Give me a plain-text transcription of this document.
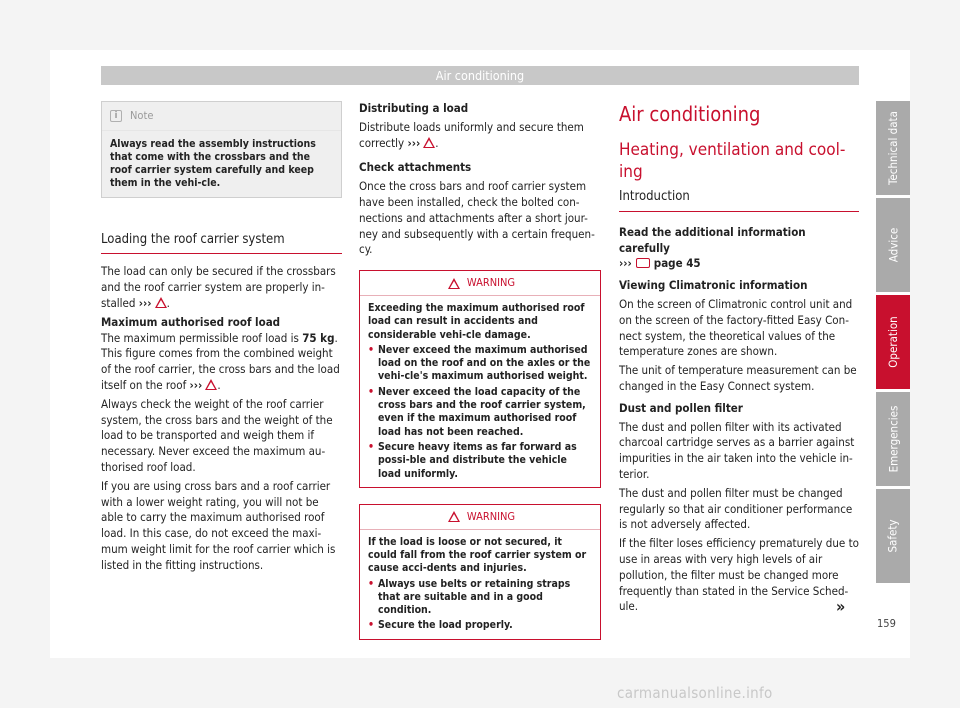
Air conditioning
i	Note
Always read the assembly instructions that come with the crossbars and the roof carrier system carefully and keep them in the vehi-cle.
Loading the roof carrier system

The load can only be secured if the crossbars and the roof carrier system are properly in-stalled ››› .

Maximum authorised roof load

The maximum permissible roof load is 75 kg. This figure comes from the combined weight of the roof carrier, the cross bars and the load itself on the roof ››› .

Always check the weight of the roof carrier system, the cross bars and the weight of the load to be transported and weigh them if necessary. Never exceed the maximum au-thorised roof load.

If you are using cross bars and a roof carrier with a lower weight rating, you will not be able to carry the maximum authorised roof load. In this case, do not exceed the maxi-mum weight limit for the roof carrier which is listed in the fitting instructions.

Distributing a load

Distribute loads uniformly and secure them correctly ››› .

Check attachments

Once the cross bars and roof carrier system have been installed, check the bolted con-nections and attachments after a short jour-ney and subsequently with a certain frequen-cy.

WARNING
Exceeding the maximum authorised roof load can result in accidents and considerable vehi-cle damage.
• Never exceed the maximum authorised load on the roof and on the axles or the vehi-cle's maximum authorised weight.
• Never exceed the load capacity of the cross bars and the roof carrier system, even if the maximum authorised roof load has not been reached.
• Secure heavy items as far forward as possi-ble and distribute the vehicle load uniformly.
WARNING
If the load is loose or not secured, it could fall from the roof carrier system or cause acci-dents and injuries.
• Always use belts or retaining straps that are suitable and in a good condition.
• Secure the load properly.
Air conditioning
Heating, ventilation and cool-ing
Introduction

Read the additional information carefully
››› page 45

Viewing Climatronic information

On the screen of Climatronic control unit and on the screen of the factory-fitted Easy Con-nect system, the theoretical values of the temperature zones are shown.

The unit of temperature measurement can be changed in the Easy Connect system.

Dust and pollen filter

The dust and pollen filter with its activated charcoal cartridge serves as a barrier against impurities in the air taken into the vehicle in-terior.

The dust and pollen filter must be changed regularly so that air conditioner performance is not adversely affected.

If the filter loses efficiency prematurely due to use in areas with very high levels of air pollution, the filter must be changed more frequently than stated in the Service Sched-ule.	»
Technical data
Advice
Operation
Emergencies
Safety
159
carmanualsonline.info
